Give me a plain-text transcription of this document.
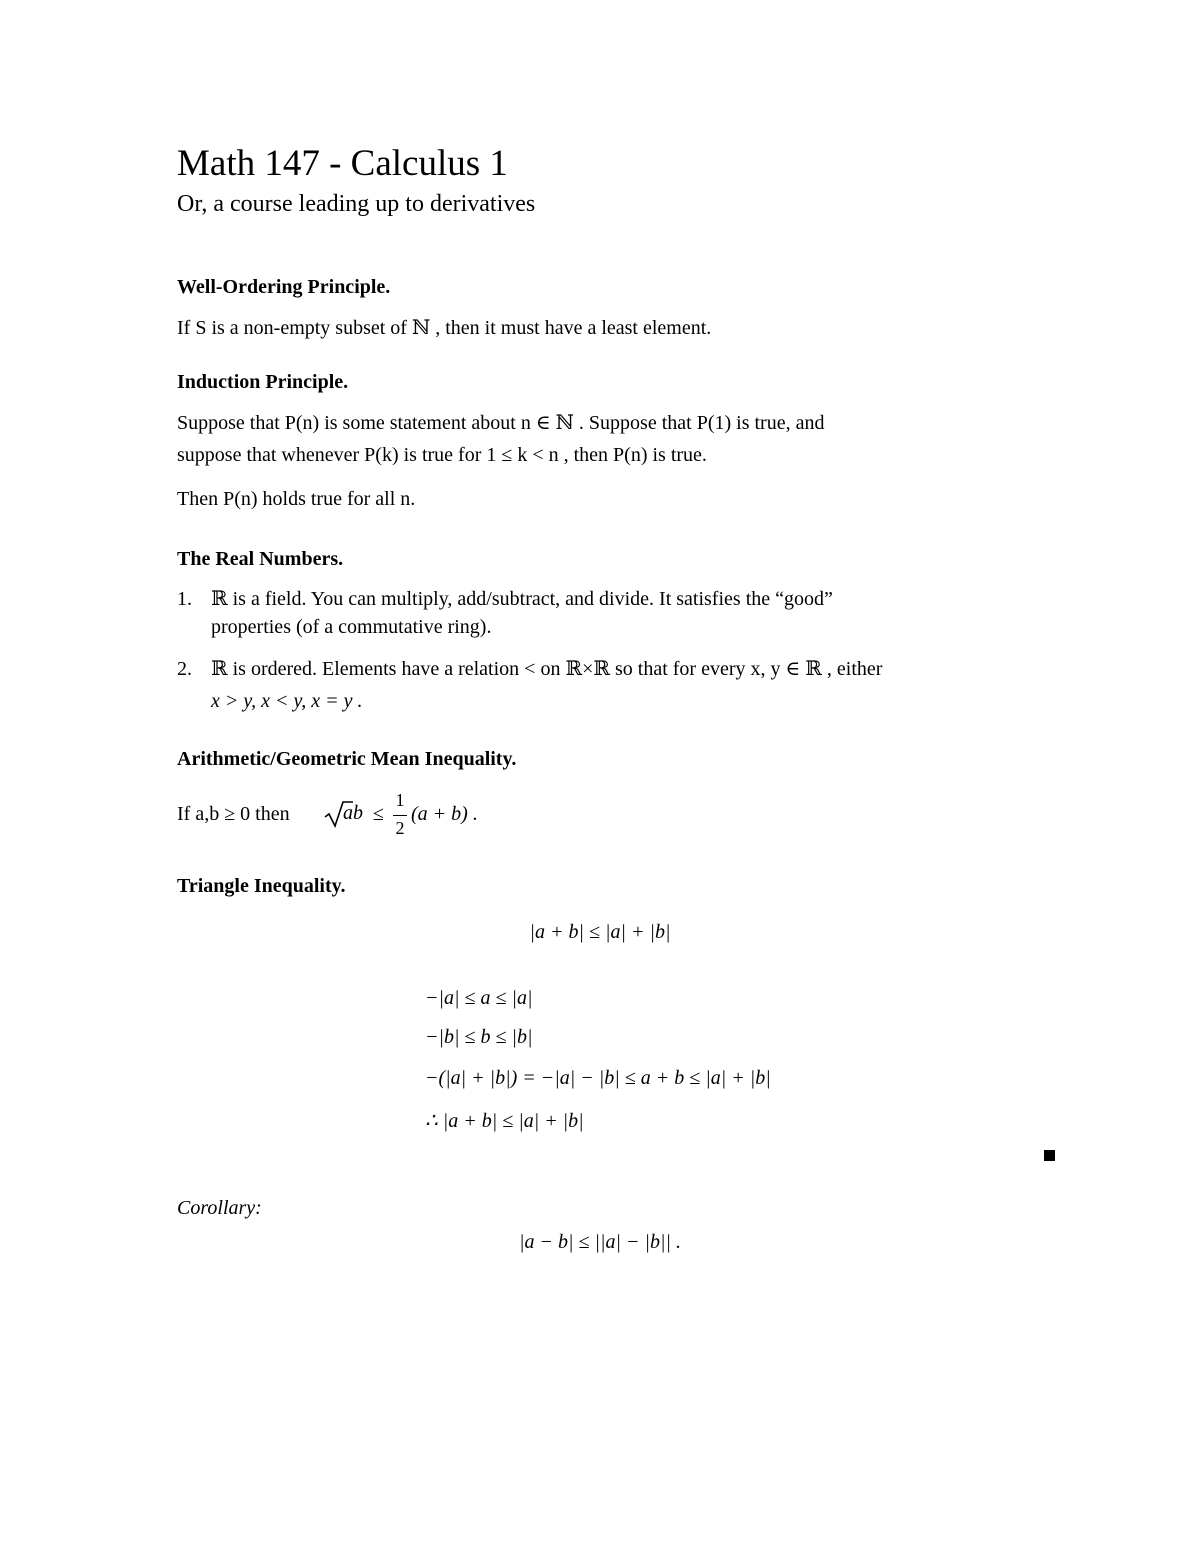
Math 147 - Calculus 1
Or, a course leading up to derivatives
Well-Ordering Principle.
If S is a non-empty subset of ℕ , then it must have a least element.
Induction Principle.
Suppose that P(n) is some statement about n ∈ ℕ . Suppose that P(1) is true, and
suppose that whenever P(k) is true for 1 ≤ k < n , then P(n) is true.
Then P(n) holds true for all n.
The Real Numbers.
1. ℝ is a field. You can multiply, add/subtract, and divide. It satisfies the “good”
properties (of a commutative ring).
2. ℝ is ordered. Elements have a relation < on ℝ×ℝ so that for every x, y ∈ ℝ , either
x > y, x < y, x = y .
Arithmetic/Geometric Mean Inequality.
If a,b ≥ 0 then	ab ≤
1
2
(a + b) .
Triangle Inequality.
|a + b| ≤ |a| + |b|
−|a| ≤ a ≤ |a|
−|b| ≤ b ≤ |b|
−(|a| + |b|) = −|a| − |b| ≤ a + b ≤ |a| + |b|
∴ |a + b| ≤ |a| + |b|
Corollary:
|a − b| ≤ ||a| − |b|| .
